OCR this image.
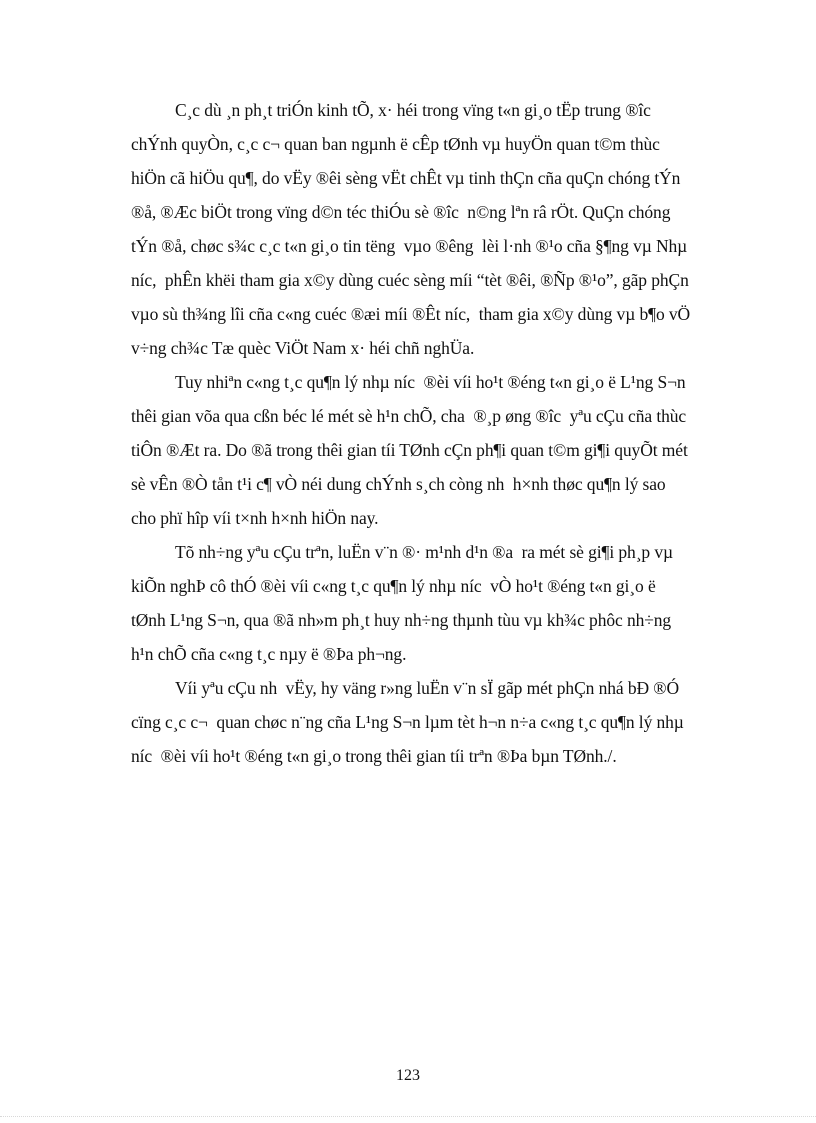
C¸c dù ¸n ph¸t triÓn kinh tÕ, x· héi trong vïng t«n gi¸o tËp trung ®îc
chÝnh quyÒn, c¸c c¬ quan ban ngµnh ë cÊp tØnh vµ huyÖn quan t©m thùc
hiÖn cã hiÖu qu¶, do vËy ®êi sèng vËt chÊt vµ tinh thÇn cña quÇn chóng tÝn
®å, ®Æc biÖt trong vïng d©n téc thiÓu sè ®îc  n©ng lªn râ rÖt. QuÇn chóng
tÝn ®å, chøc s¾c c¸c t«n gi¸o tin tëng  vµo ®êng  lèi l·nh ®¹o cña §¶ng vµ Nhµ
níc,  phÊn khëi tham gia x©y dùng cuéc sèng míi “tèt ®êi, ®Ñp ®¹o”, gãp phÇn
vµo sù th¾ng lîi cña c«ng cuéc ®æi míi ®Êt níc,  tham gia x©y dùng vµ b¶o vÖ
v÷ng ch¾c Tæ quèc ViÖt Nam x· héi chñ nghÜa.
Tuy nhiªn c«ng t¸c qu¶n lý nhµ níc  ®èi víi ho¹t ®éng t«n gi¸o ë L¹ng S¬n
thêi gian võa qua cßn béc lé mét sè h¹n chÕ, cha  ®¸p øng ®îc  yªu cÇu cña thùc
tiÔn ®Æt ra. Do ®ã trong thêi gian tíi TØnh cÇn ph¶i quan t©m gi¶i quyÕt mét
sè vÊn ®Ò tån t¹i c¶ vÒ néi dung chÝnh s¸ch còng nh  h×nh thøc qu¶n lý sao
cho phï hîp víi t×nh h×nh hiÖn nay.
Tõ nh÷ng yªu cÇu trªn, luËn v¨n ®· m¹nh d¹n ®a  ra mét sè gi¶i ph¸p vµ
kiÕn nghÞ cô thÓ ®èi víi c«ng t¸c qu¶n lý nhµ níc  vÒ ho¹t ®éng t«n gi¸o ë
tØnh L¹ng S¬n, qua ®ã nh»m ph¸t huy nh÷ng thµnh tùu vµ kh¾c phôc nh÷ng
h¹n chÕ cña c«ng t¸c nµy ë ®Þa ph¬ng.
Víi yªu cÇu nh  vËy, hy väng r»ng luËn v¨n sÏ gãp mét phÇn nhá bÐ ®Ó
cïng c¸c c¬  quan chøc n¨ng cña L¹ng S¬n lµm tèt h¬n n÷a c«ng t¸c qu¶n lý nhµ
níc  ®èi víi ho¹t ®éng t«n gi¸o trong thêi gian tíi trªn ®Þa bµn TØnh./.
123
